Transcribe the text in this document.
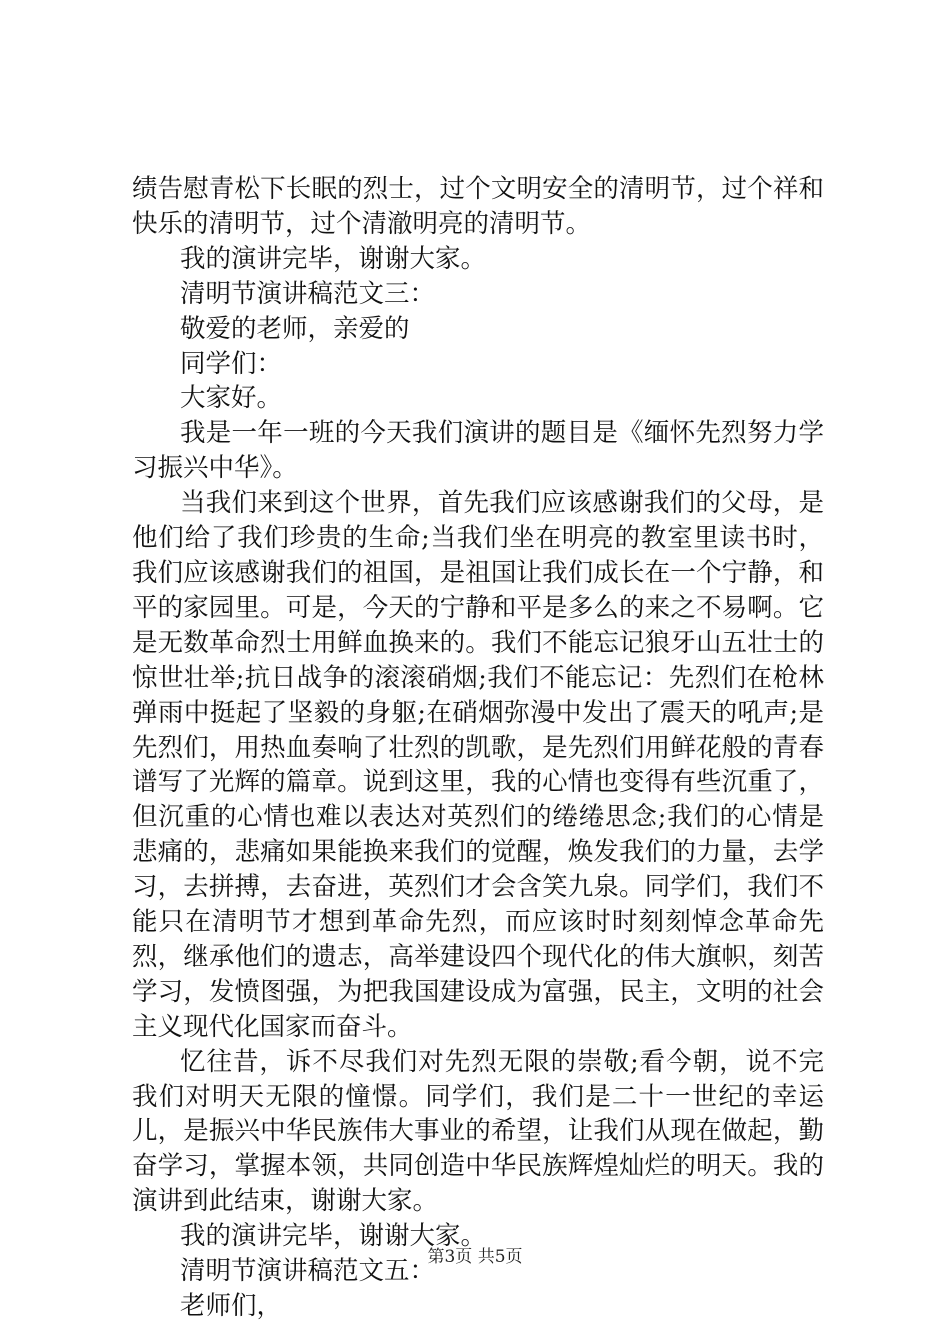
绩告慰青松下长眠的烈士，过个文明安全的清明节，过个祥和快乐的清明节，过个清澈明亮的清明节。

我的演讲完毕，谢谢大家。

清明节演讲稿范文三：

敬爱的老师，亲爱的

同学们：

大家好。

我是一年一班的今天我们演讲的题目是《缅怀先烈努力学习振兴中华》。

当我们来到这个世界，首先我们应该感谢我们的父母，是他们给了我们珍贵的生命;当我们坐在明亮的教室里读书时，我们应该感谢我们的祖国，是祖国让我们成长在一个宁静，和平的家园里。可是，今天的宁静和平是多么的来之不易啊。它是无数革命烈士用鲜血换来的。我们不能忘记狼牙山五壮士的惊世壮举;抗日战争的滚滚硝烟;我们不能忘记：先烈们在枪林弹雨中挺起了坚毅的身躯;在硝烟弥漫中发出了震天的吼声;是先烈们，用热血奏响了壮烈的凯歌，是先烈们用鲜花般的青春谱写了光辉的篇章。说到这里，我的心情也变得有些沉重了，但沉重的心情也难以表达对英烈们的绻绻思念;我们的心情是悲痛的，悲痛如果能换来我们的觉醒，焕发我们的力量，去学习，去拼搏，去奋进，英烈们才会含笑九泉。同学们，我们不能只在清明节才想到革命先烈，而应该时时刻刻悼念革命先烈，继承他们的遗志，高举建设四个现代化的伟大旗帜，刻苦学习，发愤图强，为把我国建设成为富强，民主，文明的社会主义现代化国家而奋斗。

忆往昔，诉不尽我们对先烈无限的崇敬;看今朝，说不完我们对明天无限的憧憬。同学们，我们是二十一世纪的幸运儿，是振兴中华民族伟大事业的希望，让我们从现在做起，勤奋学习，掌握本领，共同创造中华民族辉煌灿烂的明天。我的演讲到此结束，谢谢大家。

我的演讲完毕，谢谢大家。

清明节演讲稿范文五：

老师们，

第3页 共5页
